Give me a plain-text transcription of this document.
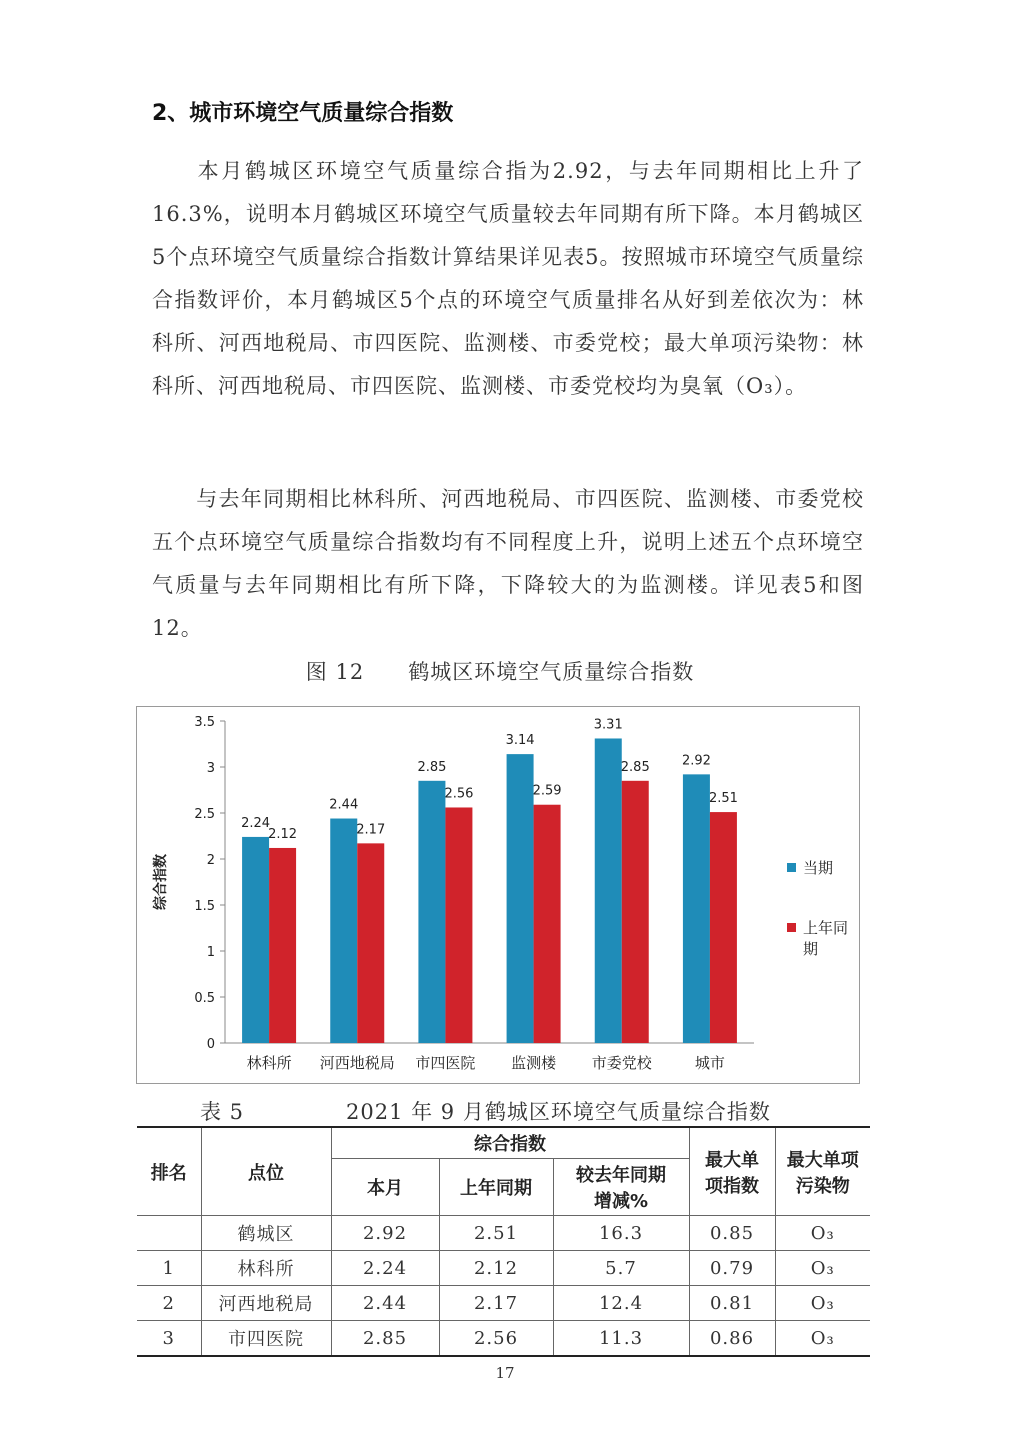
2、城市环境空气质量综合指数
本月鹤城区环境空气质量综合指为2.92，与去年同期相比上升了16.3%，说明本月鹤城区环境空气质量较去年同期有所下降。本月鹤城区5个点环境空气质量综合指数计算结果详见表5。按照城市环境空气质量综合指数评价，本月鹤城区5个点的环境空气质量排名从好到差依次为：林科所、河西地税局、市四医院、监测楼、市委党校；最大单项污染物：林科所、河西地税局、市四医院、监测楼、市委党校均为臭氧（O₃）。
与去年同期相比林科所、河西地税局、市四医院、监测楼、市委党校五个点环境空气质量综合指数均有不同程度上升，说明上述五个点环境空气质量与去年同期相比有所下降，下降较大的为监测楼。详见表5和图12。
图 12　　鹤城区环境空气质量综合指数
0
0.5
1
1.5
2
2.5
3
3.5
综合指数
2.24
2.12
林科所
2.44
2.17
河西地税局
2.85
2.56
市四医院
3.14
2.59
监测楼
3.31
2.85
市委党校
2.92
2.51
城市
当期
上年同
期
表 5	2021 年 9 月鹤城区环境空气质量综合指数
排名	点位	综合指数			最大单项指数	最大单项污染物
		本月	上年同期	较去年同期增减%		
	鹤城区	2.92	2.51	16.3	0.85	O₃
1	林科所	2.24	2.12	5.7	0.79	O₃
2	河西地税局	2.44	2.17	12.4	0.81	O₃
3	市四医院	2.85	2.56	11.3	0.86	O₃
17
